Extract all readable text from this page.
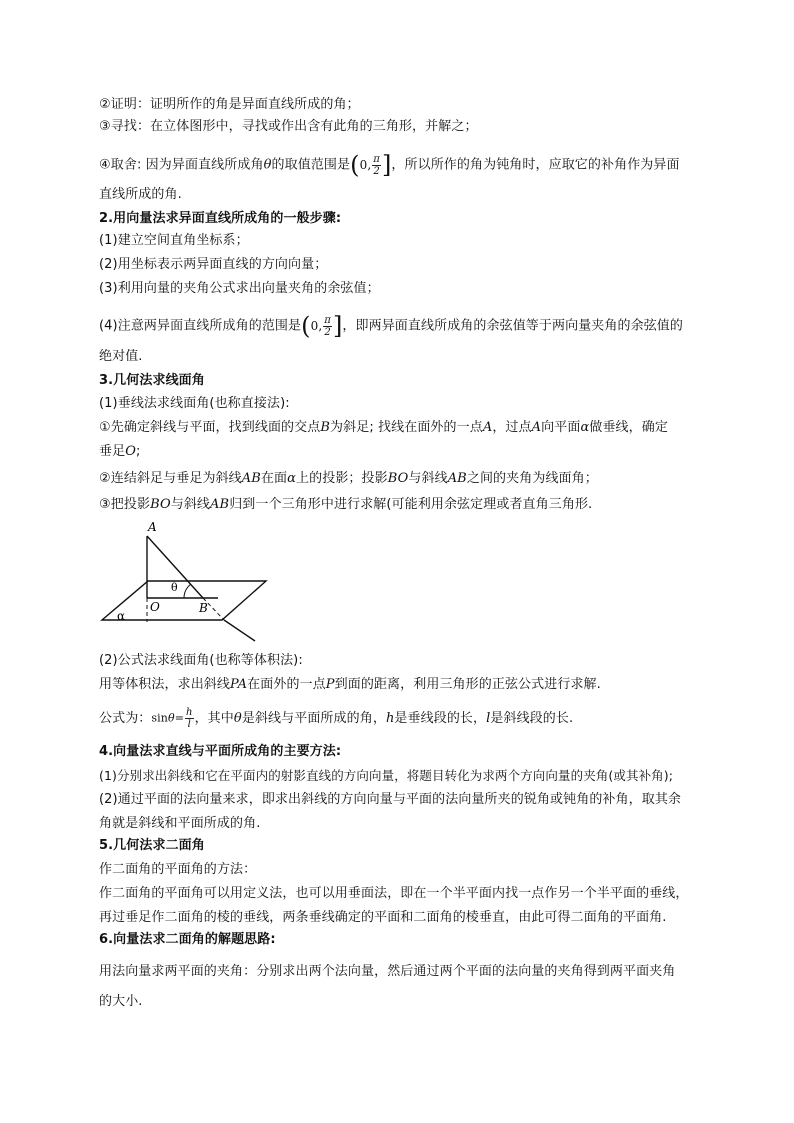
②证明：证明所作的角是异面直线所成的角；
③寻找：在立体图形中，寻找或作出含有此角的三角形，并解之；
④取舍: 因为异面直线所成角θ的取值范围是(0, $\frac{\pi}{2}$ ]，所以所作的角为钝角时，应取它的补角作为异面
直线所成的角.
2.用向量法求异面直线所成角的一般步骤:
(1)建立空间直角坐标系；
(2)用坐标表示两异面直线的方向向量；
(3)利用向量的夹角公式求出向量夹角的余弦值；
(4)注意两异面直线所成角的范围是(0, $\frac{\pi}{2}$ ]，即两异面直线所成角的余弦值等于两向量夹角的余弦值的
绝对值.
3.几何法求线面角
(1)垂线法求线面角(也称直接法):
①先确定斜线与平面，找到线面的交点B为斜足; 找线在面外的一点A，过点A向平面α做垂线，确定
垂足O;
②连结斜足与垂足为斜线AB在面α上的投影；投影BO与斜线AB之间的夹角为线面角；
③把投影BO与斜线AB归到一个三角形中进行求解(可能利用余弦定理或者直角三角形.
A
O	B
θ
α
(2)公式法求线面角(也称等体积法):
用等体积法，求出斜线PA在面外的一点P到面的距离，利用三角形的正弦公式进行求解.
公式为：$\sin\theta= \frac{h}{l}$ ，其中θ是斜线与平面所成的角，h是垂线段的长，l是斜线段的长.
4.向量法求直线与平面所成角的主要方法:
(1)分别求出斜线和它在平面内的射影直线的方向向量，将题目转化为求两个方向向量的夹角(或其补角);
(2)通过平面的法向量来求，即求出斜线的方向向量与平面的法向量所夹的锐角或钝角的补角，取其余
角就是斜线和平面所成的角.
5.几何法求二面角
作二面角的平面角的方法：
作二面角的平面角可以用定义法，也可以用垂面法，即在一个半平面内找一点作另一个半平面的垂线，
再过垂足作二面角的棱的垂线，两条垂线确定的平面和二面角的棱垂直，由此可得二面角的平面角.
6.向量法求二面角的解题思路:
用法向量求两平面的夹角：分别求出两个法向量，然后通过两个平面的法向量的夹角得到两平面夹角
的大小.
